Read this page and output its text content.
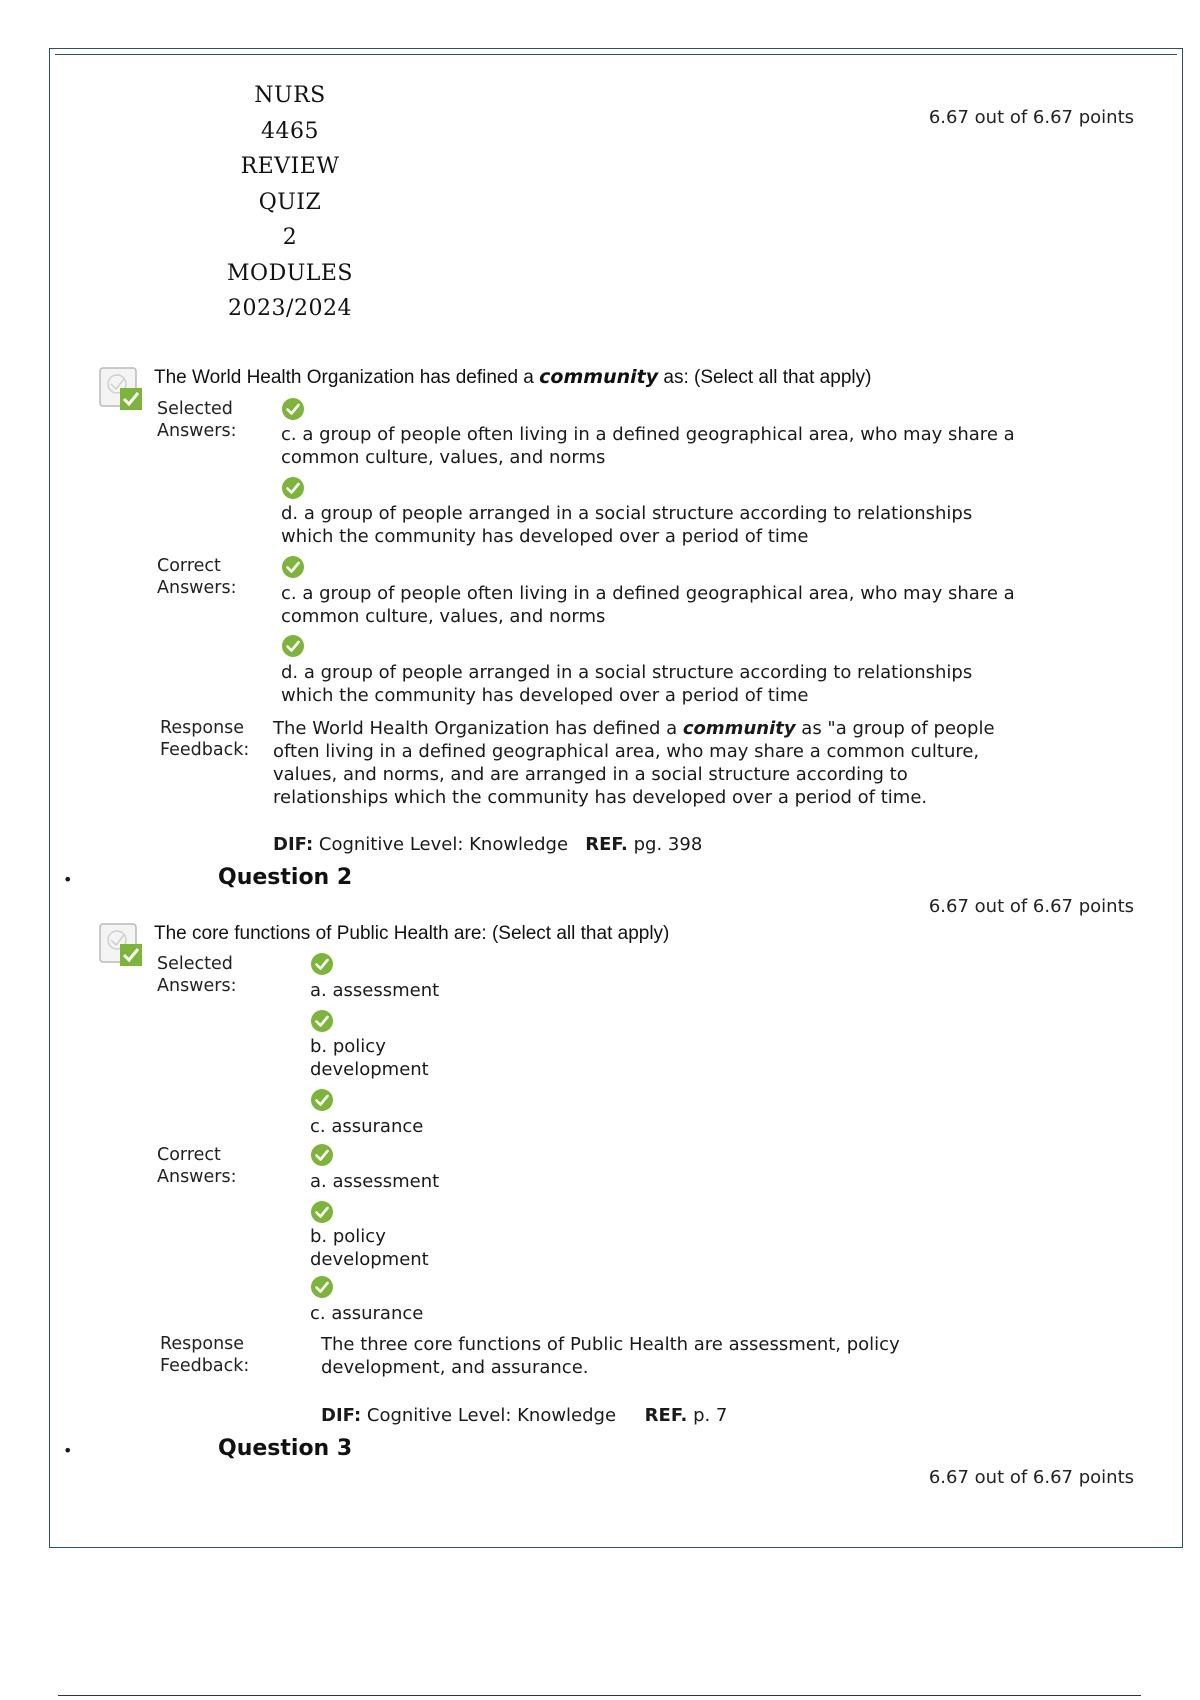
NURS
4465
REVIEW
QUIZ
2
MODULES
2023/2024
6.67 out of 6.67 points
The World Health Organization has defined a community as: (Select all that apply)
Selected
Answers: c. a group of people often living in a defined geographical area, who may share a common culture, values, and norms
d. a group of people arranged in a social structure according to relationships which the community has developed over a period of time
Correct
Answers: c. a group of people often living in a defined geographical area, who may share a common culture, values, and norms
d. a group of people arranged in a social structure according to relationships which the community has developed over a period of time
Response
Feedback:
The World Health Organization has defined a community as "a group of people often living in a defined geographical area, who may share a common culture, values, and norms, and are arranged in a social structure according to relationships which the community has developed over a period of time.
DIF: Cognitive Level: Knowledge REF. pg. 398
•	Question 2
6.67 out of 6.67 points
The core functions of Public Health are: (Select all that apply)
Selected
Answers:	a. assessment
b. policy development
c. assurance
Correct
Answers:	a. assessment
b. policy development
c. assurance
Response
Feedback:
The three core functions of Public Health are assessment, policy development, and assurance.
DIF: Cognitive Level: Knowledge REF. p. 7
•	Question 3
6.67 out of 6.67 points
